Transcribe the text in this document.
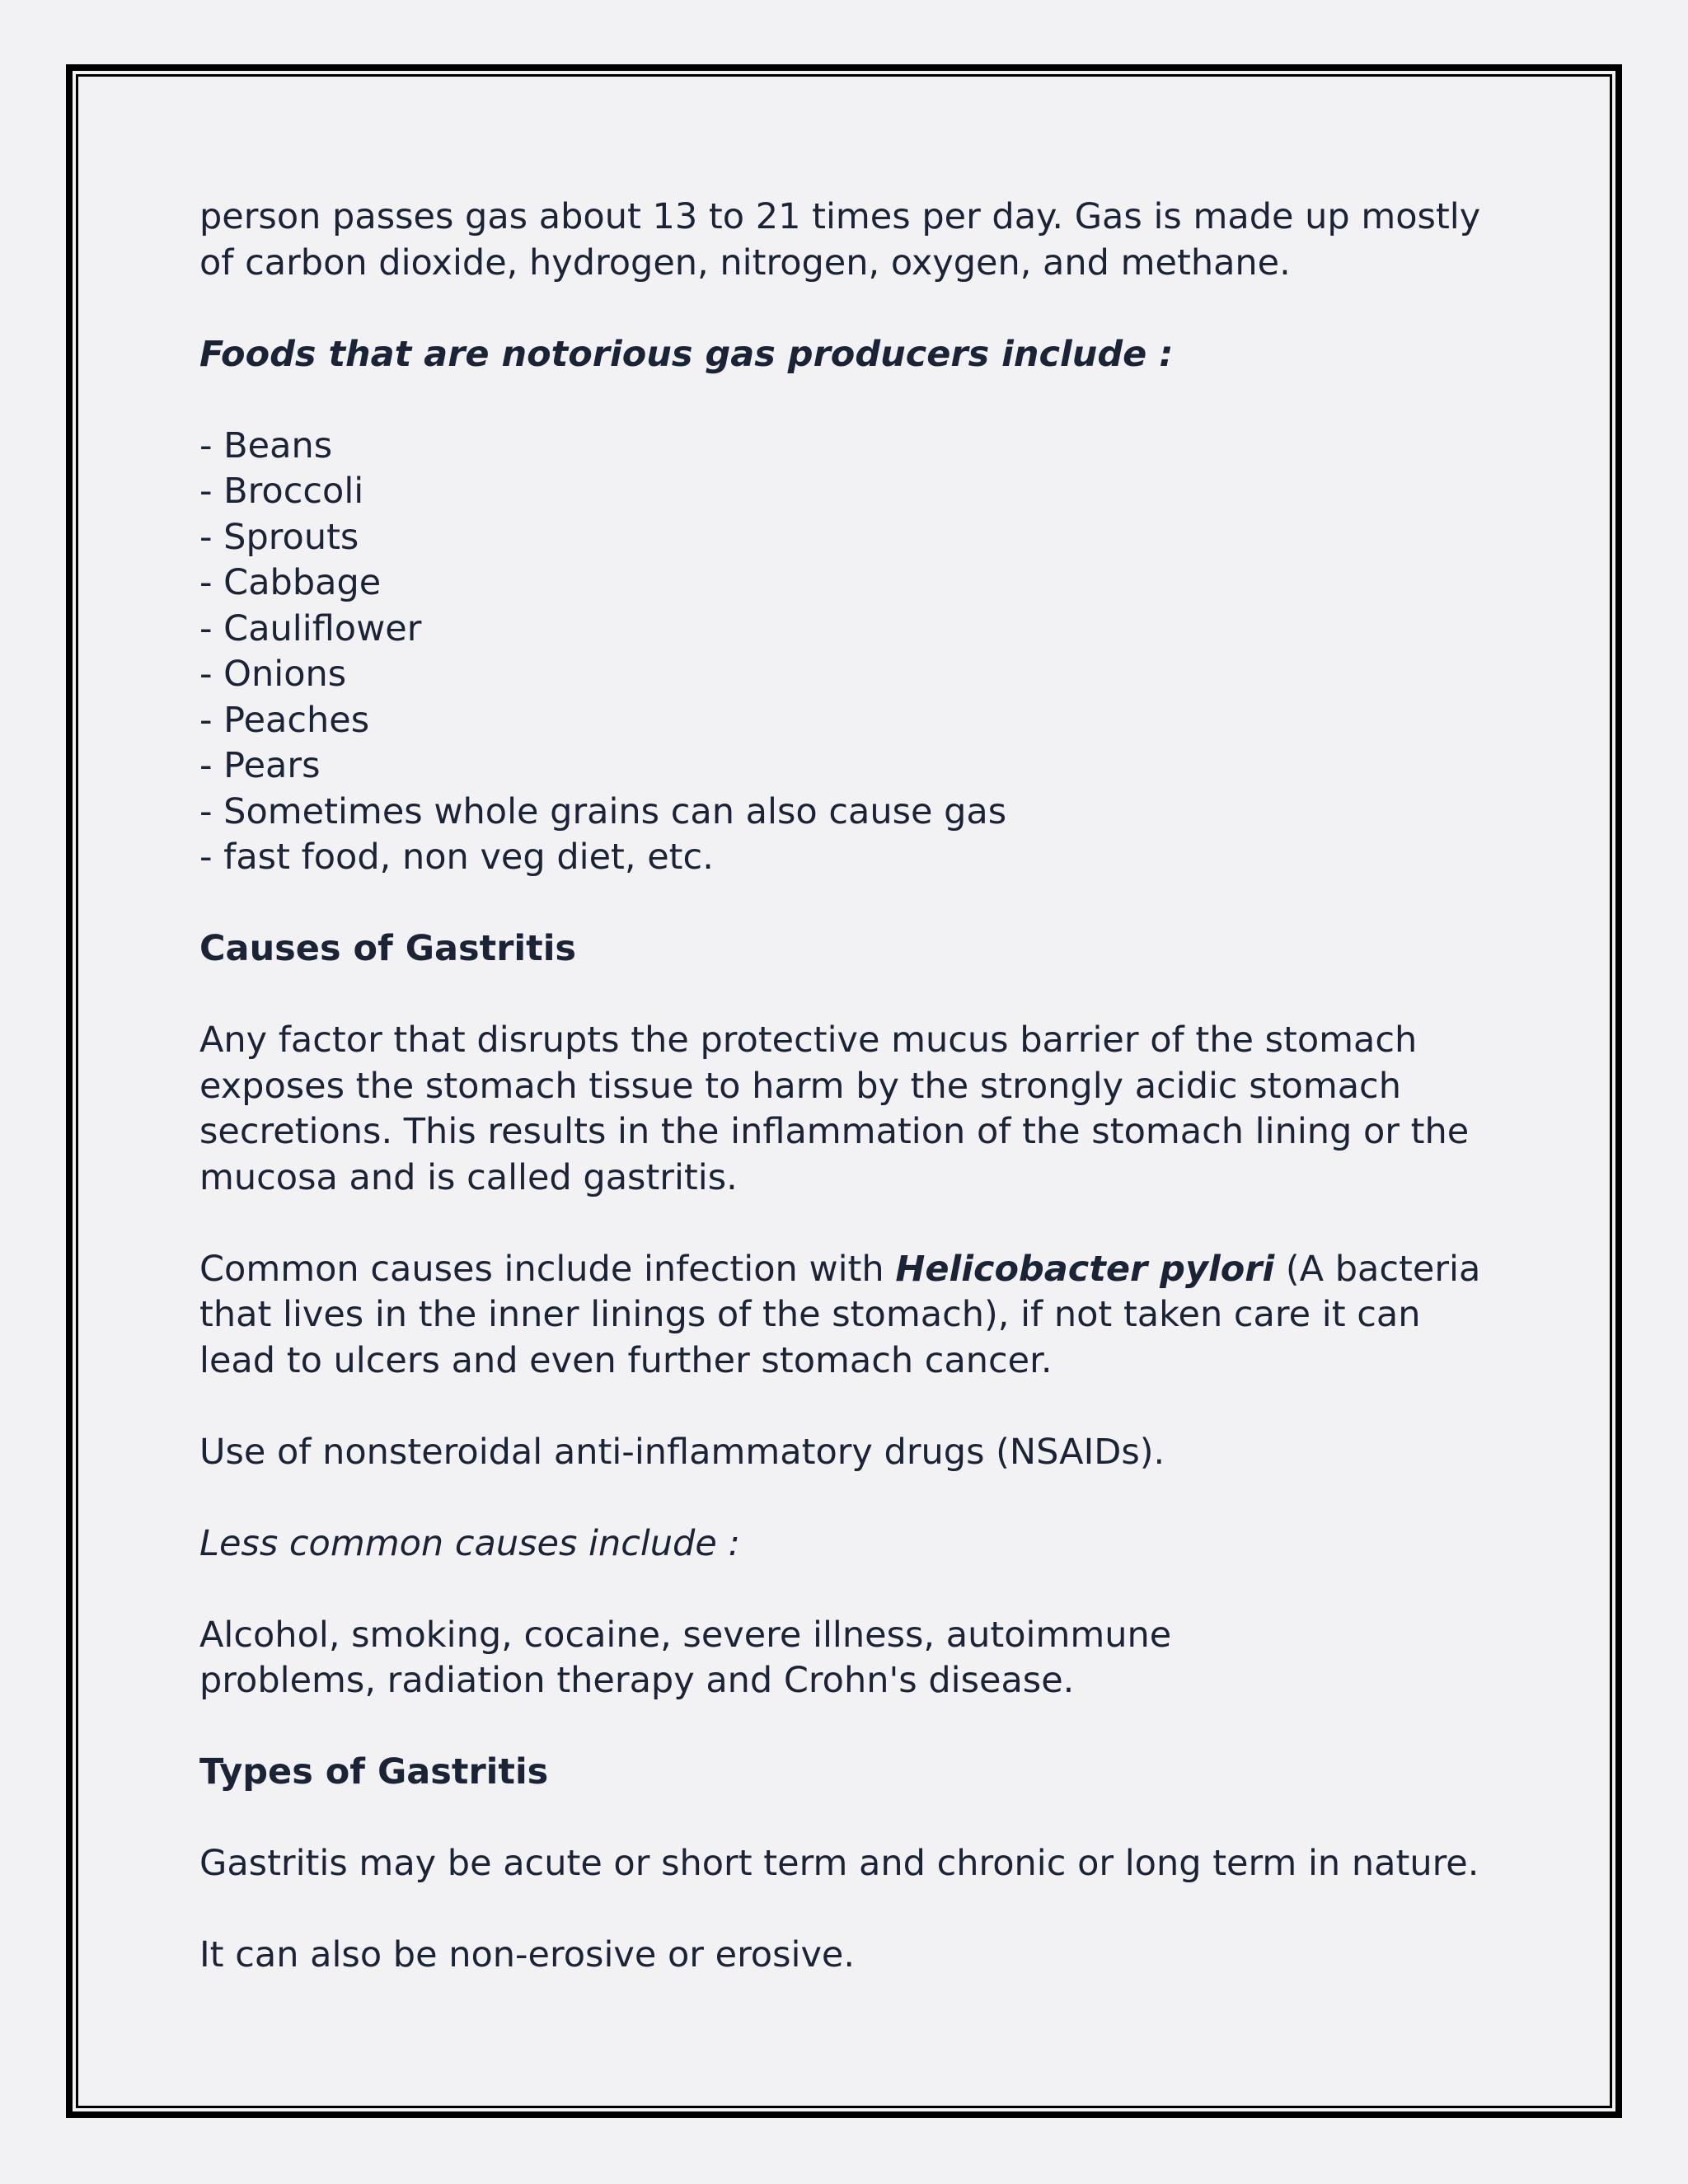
person passes gas about 13 to 21 times per day. Gas is made up mostly
of carbon dioxide, hydrogen, nitrogen, oxygen, and methane.

Foods that are notorious gas producers include :

- Beans
- Broccoli
- Sprouts
- Cabbage
- Cauliflower
- Onions
- Peaches
- Pears
- Sometimes whole grains can also cause gas
- fast food, non veg diet, etc.

Causes of Gastritis

Any factor that disrupts the protective mucus barrier of the stomach
exposes the stomach tissue to harm by the strongly acidic stomach
secretions. This results in the inflammation of the stomach lining or the
mucosa and is called gastritis.

Common causes include infection with Helicobacter pylori (A bacteria
that lives in the inner linings of the stomach), if not taken care it can
lead to ulcers and even further stomach cancer.

Use of nonsteroidal anti-inflammatory drugs (NSAIDs).

Less common causes include :

Alcohol, smoking, cocaine, severe illness, autoimmune
problems, radiation therapy and Crohn's disease.

Types of Gastritis

Gastritis may be acute or short term and chronic or long term in nature.

It can also be non-erosive or erosive.
